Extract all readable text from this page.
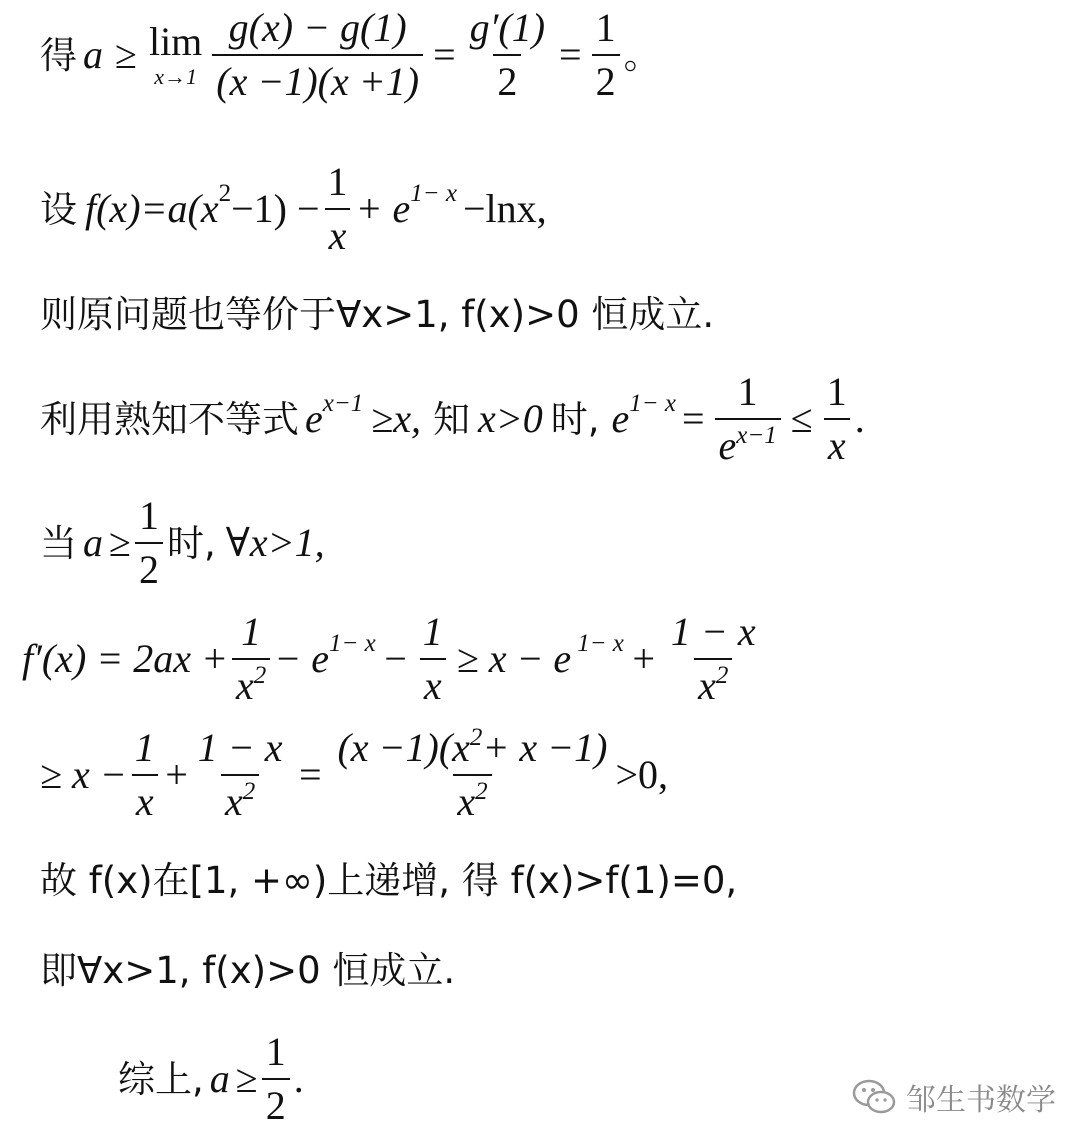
得 a ≥ lim
$x\to 1 \frac{g(x) - g(1)}{(x -1)(x +1)} = \frac{g'(1)}{2} = \frac{1}{2}$ 。
设 f(x)=a(x $2 -1) - \frac{1}{x} + e$ 1− x −lnx,
则原问题也等价于∀x>1, f(x)>0 恒成立.
利用熟知不等式 e x−1 ≥x, 知 x>0 时, e $1- x = \frac{1}{e^{x-1}} \le \frac{1}{x}$ .
当 $a \ge \frac{1}{2}$ 时, ∀x>1,
$f'(x) = 2ax + \frac{1}{x^2} - e$ $1- x - \frac{1}{x} \ge x - e$ $1- x + \frac{1 - x}{x^2}$
≥ $x - \frac{1}{x} + \frac{1 - x}{x^2} = \frac{(x -1)(x^2+ x -1)}{x^2} >0$,
故 f(x)在[1, +∞)上递增, 得 f(x)>f(1)=0,
即∀x>1, f(x)>0 恒成立.
综上, $a \ge \frac{1}{2}$ .	邹生书数学
